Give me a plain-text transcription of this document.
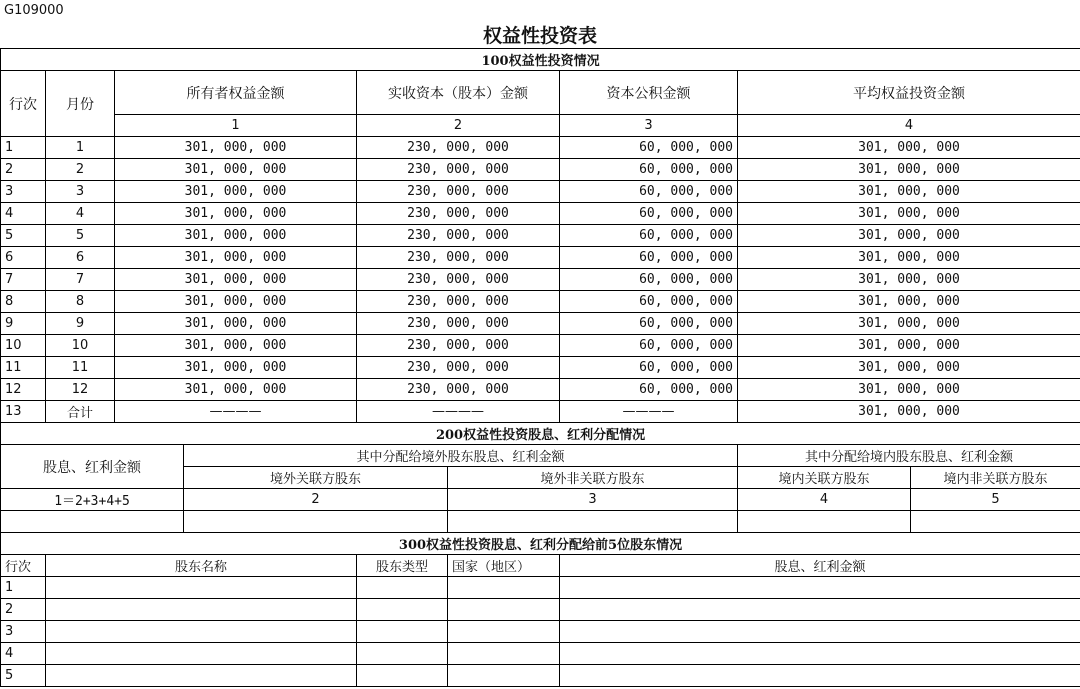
G109000
权益性投资表
100权益性投资情况								
行次	月份	所有者权益金额		实收资本（股本）金额		资本公积金额	平均权益投资金额	
		1		2		3	4	
1	1	301, 000, 000		230, 000, 000		60, 000, 000	301, 000, 000	
2	2	301, 000, 000		230, 000, 000		60, 000, 000	301, 000, 000	
3	3	301, 000, 000		230, 000, 000		60, 000, 000	301, 000, 000	
4	4	301, 000, 000		230, 000, 000		60, 000, 000	301, 000, 000	
5	5	301, 000, 000		230, 000, 000		60, 000, 000	301, 000, 000	
6	6	301, 000, 000		230, 000, 000		60, 000, 000	301, 000, 000	
7	7	301, 000, 000		230, 000, 000		60, 000, 000	301, 000, 000	
8	8	301, 000, 000		230, 000, 000		60, 000, 000	301, 000, 000	
9	9	301, 000, 000		230, 000, 000		60, 000, 000	301, 000, 000	
10	10	301, 000, 000		230, 000, 000		60, 000, 000	301, 000, 000	
11	11	301, 000, 000		230, 000, 000		60, 000, 000	301, 000, 000	
12	12	301, 000, 000		230, 000, 000		60, 000, 000	301, 000, 000	
13	合计	————		————		————	301, 000, 000	
200权益性投资股息、红利分配情况								
股息、红利金额			其中分配给境外股东股息、红利金额				其中分配给境内股东股息、红利金额	
			境外关联方股东		境外非关联方股东		境内关联方股东	境内非关联方股东
1＝2+3+4+5			2		3		4	5

300权益性投资股息、红利分配给前5位股东情况								
行次	股东名称			股东类型	国家（地区）	股息、红利金额		
1								
2								
3								
4								
5								
